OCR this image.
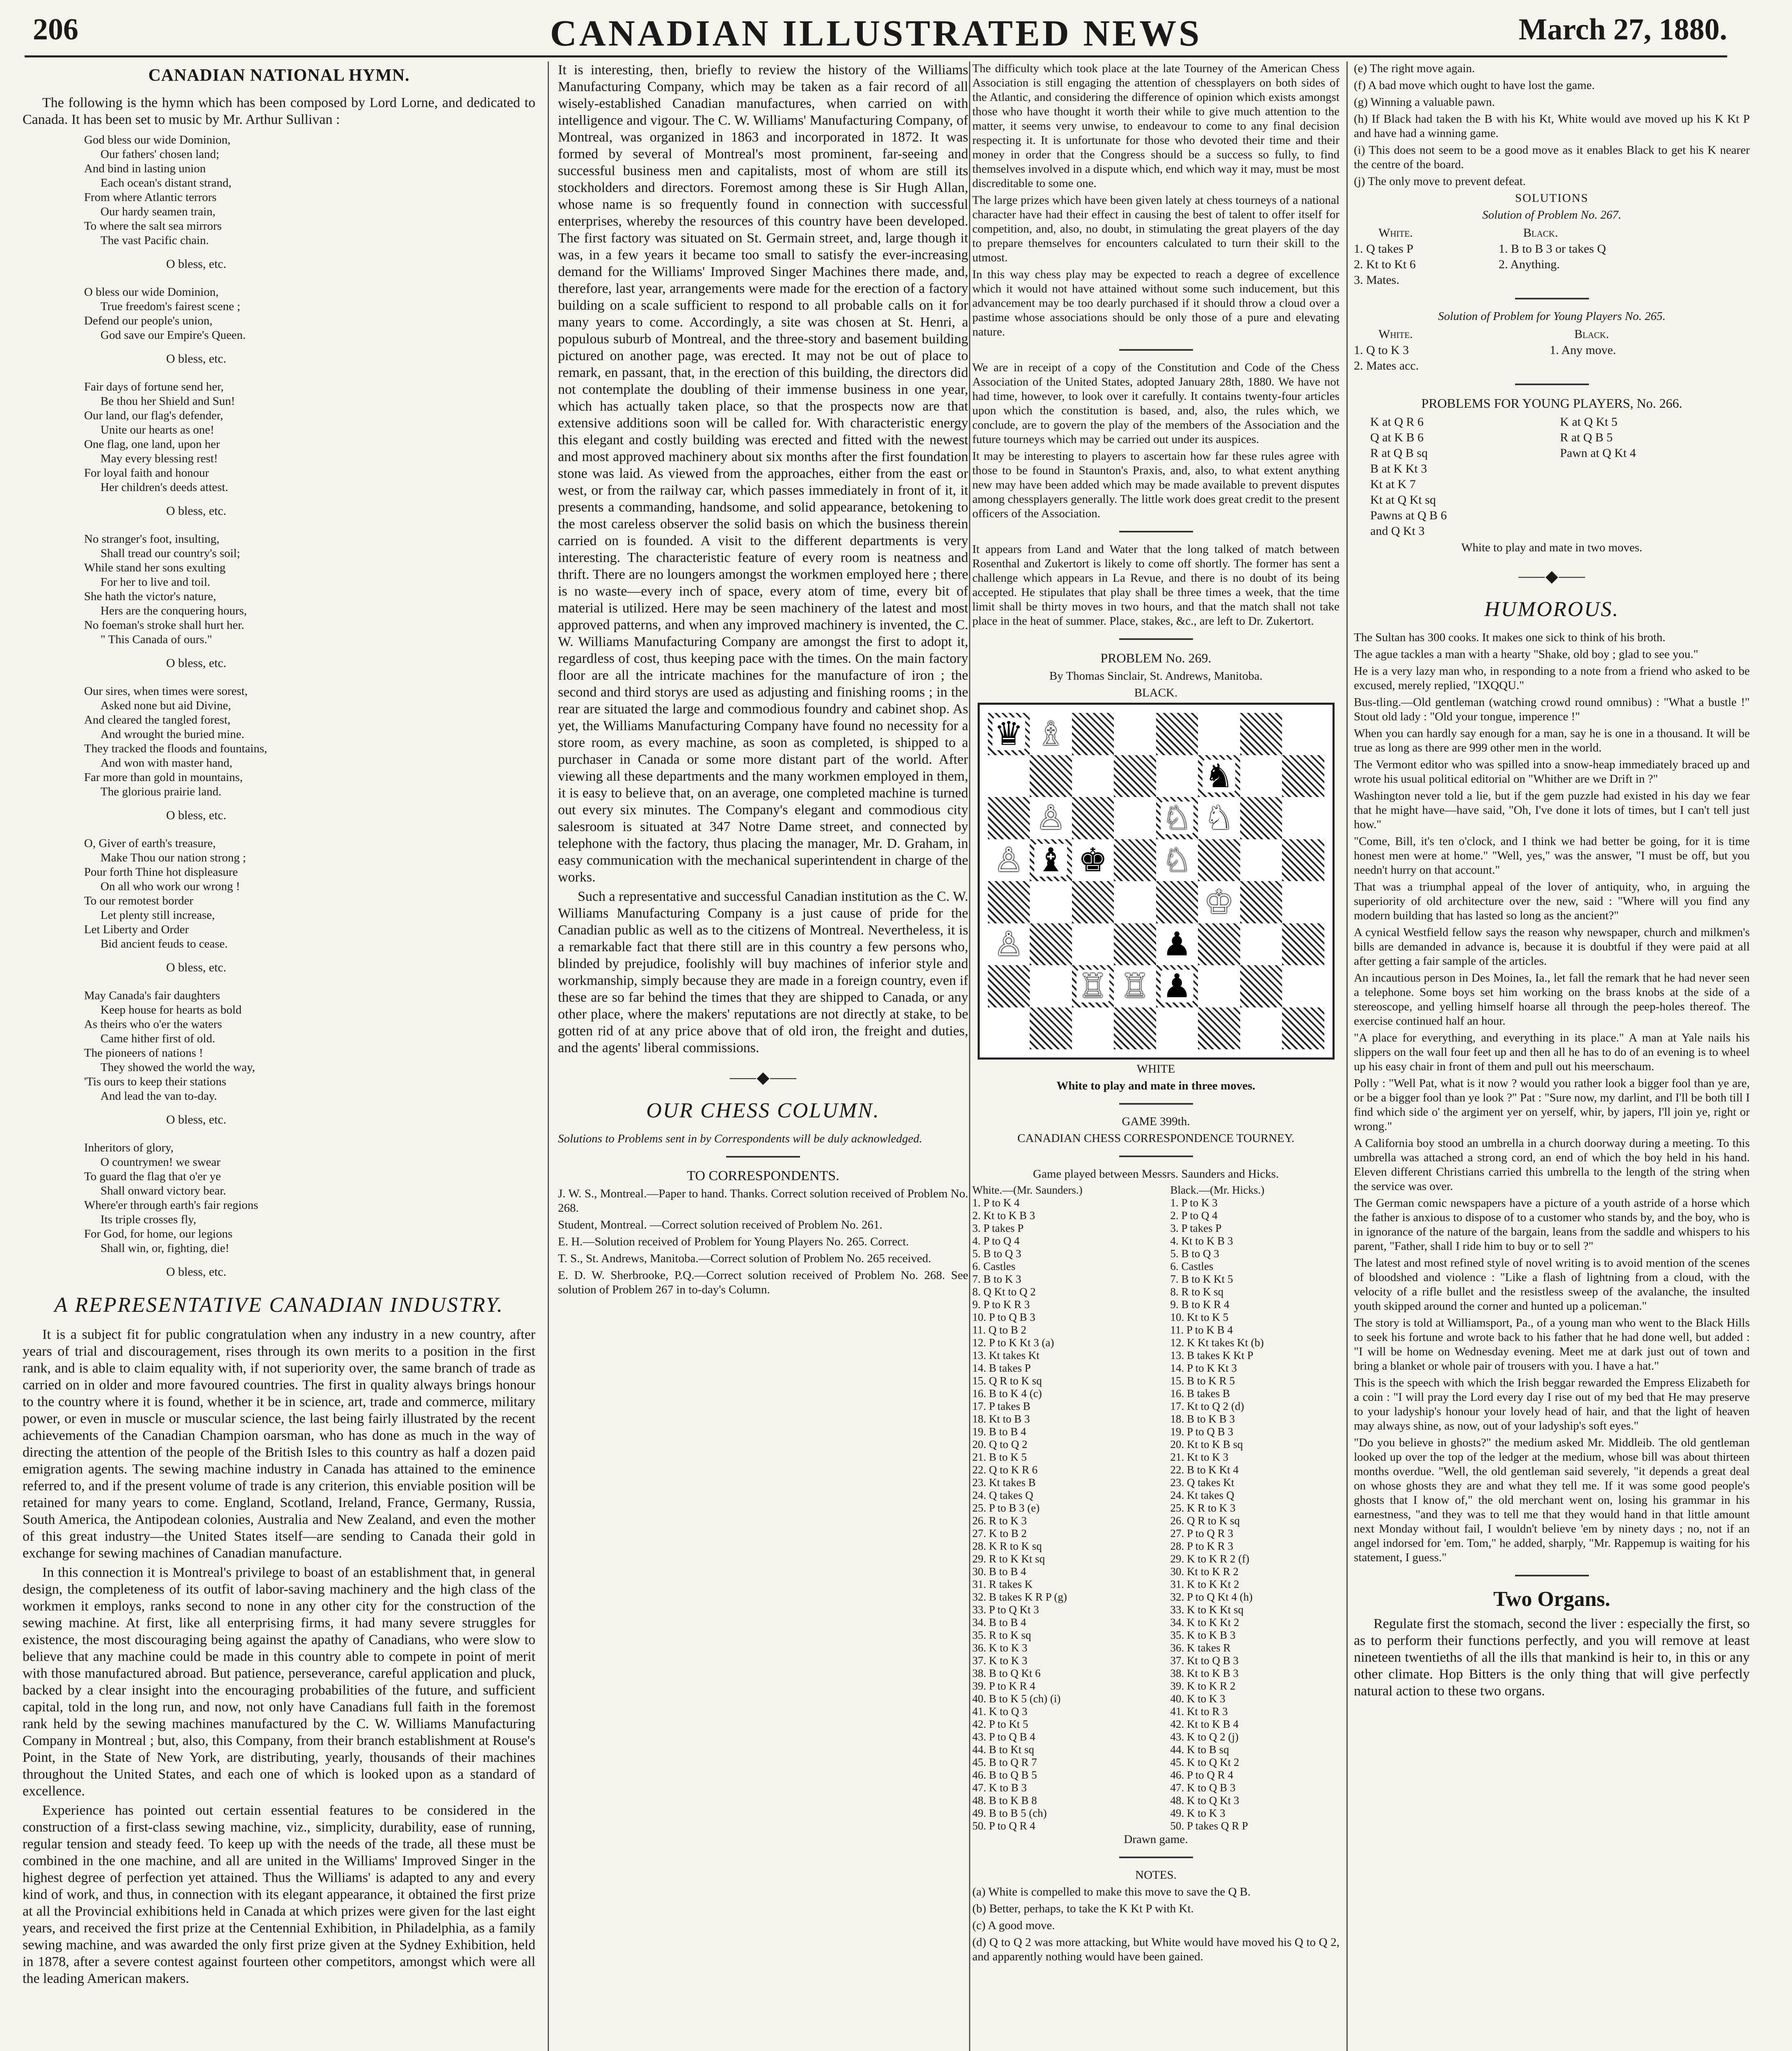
206	CANADIAN ILLUSTRATED NEWS	March 27, 1880.
CANADIAN NATIONAL HYMN.

The following is the hymn which has been composed by Lord Lorne, and dedicated to Canada. It has been set to music by Mr. Arthur Sullivan :

God bless our wide Dominion,
Our fathers' chosen land;
And bind in lasting union
Each ocean's distant strand,
From where Atlantic terrors
Our hardy seamen train,
To where the salt sea mirrors
The vast Pacific chain.
O bless, etc.
O bless our wide Dominion,
True freedom's fairest scene ;
Defend our people's union,
God save our Empire's Queen.
O bless, etc.
Fair days of fortune send her,
Be thou her Shield and Sun!
Our land, our flag's defender,
Unite our hearts as one!
One flag, one land, upon her
May every blessing rest!
For loyal faith and honour
Her children's deeds attest.
O bless, etc.
No stranger's foot, insulting,
Shall tread our country's soil;
While stand her sons exulting
For her to live and toil.
She hath the victor's nature,
Hers are the conquering hours,
No foeman's stroke shall hurt her.
" This Canada of ours."
O bless, etc.
Our sires, when times were sorest,
Asked none but aid Divine,
And cleared the tangled forest,
And wrought the buried mine.
They tracked the floods and fountains,
And won with master hand,
Far more than gold in mountains,
The glorious prairie land.
O bless, etc.
O, Giver of earth's treasure,
Make Thou our nation strong ;
Pour forth Thine hot displeasure
On all who work our wrong !
To our remotest border
Let plenty still increase,
Let Liberty and Order
Bid ancient feuds to cease.
O bless, etc.
May Canada's fair daughters
Keep house for hearts as bold
As theirs who o'er the waters
Came hither first of old.
The pioneers of nations !
They showed the world the way,
'Tis ours to keep their stations
And lead the van to-day.
O bless, etc.
Inheritors of glory,
O countrymen! we swear
To guard the flag that o'er ye
Shall onward victory bear.
Where'er through earth's fair regions
Its triple crosses fly,
For God, for home, our legions
Shall win, or, fighting, die!
O bless, etc.
A REPRESENTATIVE CANADIAN INDUSTRY.

It is a subject fit for public congratulation when any industry in a new country, after years of trial and discouragement, rises through its own merits to a position in the first rank, and is able to claim equality with, if not superiority over, the same branch of trade as carried on in older and more favoured countries. The first in quality always brings honour to the country where it is found, whether it be in science, art, trade and commerce, military power, or even in muscle or muscular science, the last being fairly illustrated by the recent achievements of the Canadian Champion oarsman, who has done as much in the way of directing the attention of the people of the British Isles to this country as half a dozen paid emigration agents. The sewing machine industry in Canada has attained to the eminence referred to, and if the present volume of trade is any criterion, this enviable position will be retained for many years to come. England, Scotland, Ireland, France, Germany, Russia, South America, the Antipodean colonies, Australia and New Zealand, and even the mother of this great industry—the United States itself—are sending to Canada their gold in exchange for sewing machines of Canadian manufacture.

In this connection it is Montreal's privilege to boast of an establishment that, in general design, the completeness of its outfit of labor-saving machinery and the high class of the workmen it employs, ranks second to none in any other city for the construction of the sewing machine. At first, like all enterprising firms, it had many severe struggles for existence, the most discouraging being against the apathy of Canadians, who were slow to believe that any machine could be made in this country able to compete in point of merit with those manufactured abroad. But patience, perseverance, careful application and pluck, backed by a clear insight into the encouraging probabilities of the future, and sufficient capital, told in the long run, and now, not only have Canadians full faith in the foremost rank held by the sewing machines manufactured by the C. W. Williams Manufacturing Company in Montreal ; but, also, this Company, from their branch establishment at Rouse's Point, in the State of New York, are distributing, yearly, thousands of their machines throughout the United States, and each one of which is looked upon as a standard of excellence.

Experience has pointed out certain essential features to be considered in the construction of a first-class sewing machine, viz., simplicity, durability, ease of running, regular tension and steady feed. To keep up with the needs of the trade, all these must be combined in the one machine, and all are united in the Williams' Improved Singer in the highest degree of perfection yet attained. Thus the Williams' is adapted to any and every kind of work, and thus, in connection with its elegant appearance, it obtained the first prize at all the Provincial exhibitions held in Canada at which prizes were given for the last eight years, and received the first prize at the Centennial Exhibition, in Philadelphia, as a family sewing machine, and was awarded the only first prize given at the Sydney Exhibition, held in 1878, after a severe contest against fourteen other competitors, amongst which were all the leading American makers.

It is interesting, then, briefly to review the history of the Williams Manufacturing Company, which may be taken as a fair record of all wisely-established Canadian manufactures, when carried on with intelligence and vigour. The C. W. Williams' Manufacturing Company, of Montreal, was organized in 1863 and incorporated in 1872. It was formed by several of Montreal's most prominent, far-seeing and successful business men and capitalists, most of whom are still its stockholders and directors. Foremost among these is Sir Hugh Allan, whose name is so frequently found in connection with successful enterprises, whereby the resources of this country have been developed. The first factory was situated on St. Germain street, and, large though it was, in a few years it became too small to satisfy the ever-increasing demand for the Williams' Improved Singer Machines there made, and, therefore, last year, arrangements were made for the erection of a factory building on a scale sufficient to respond to all probable calls on it for many years to come. Accordingly, a site was chosen at St. Henri, a populous suburb of Montreal, and the three-story and basement building pictured on another page, was erected. It may not be out of place to remark, en passant, that, in the erection of this building, the directors did not contemplate the doubling of their immense business in one year, which has actually taken place, so that the prospects now are that extensive additions soon will be called for. With characteristic energy this elegant and costly building was erected and fitted with the newest and most approved machinery about six months after the first foundation stone was laid. As viewed from the approaches, either from the east or west, or from the railway car, which passes immediately in front of it, it presents a commanding, handsome, and solid appearance, betokening to the most careless observer the solid basis on which the business therein carried on is founded. A visit to the different departments is very interesting. The characteristic feature of every room is neatness and thrift. There are no loungers amongst the workmen employed here ; there is no waste—every inch of space, every atom of time, every bit of material is utilized. Here may be seen machinery of the latest and most approved patterns, and when any improved machinery is invented, the C. W. Williams Manufacturing Company are amongst the first to adopt it, regardless of cost, thus keeping pace with the times. On the main factory floor are all the intricate machines for the manufacture of iron ; the second and third storys are used as adjusting and finishing rooms ; in the rear are situated the large and commodious foundry and cabinet shop. As yet, the Williams Manufacturing Company have found no necessity for a store room, as every machine, as soon as completed, is shipped to a purchaser in Canada or some more distant part of the world. After viewing all these departments and the many workmen employed in them, it is easy to believe that, on an average, one completed machine is turned out every six minutes. The Company's elegant and commodious city salesroom is situated at 347 Notre Dame street, and connected by telephone with the factory, thus placing the manager, Mr. D. Graham, in easy communication with the mechanical superintendent in charge of the works.

Such a representative and successful Canadian institution as the C. W. Williams Manufacturing Company is a just cause of pride for the Canadian public as well as to the citizens of Montreal. Nevertheless, it is a remarkable fact that there still are in this country a few persons who, blinded by prejudice, foolishly will buy machines of inferior style and workmanship, simply because they are made in a foreign country, even if these are so far behind the times that they are shipped to Canada, or any other place, where the makers' reputations are not directly at stake, to be gotten rid of at any price above that of old iron, the freight and duties, and the agents' liberal commissions.

⸺◆⸺
OUR CHESS COLUMN.

Solutions to Problems sent in by Correspondents will be duly acknowledged.

TO CORRESPONDENTS.

J. W. S., Montreal.—Paper to hand. Thanks. Correct solution received of Problem No. 268.

Student, Montreal. —Correct solution received of Problem No. 261.

E. H.—Solution received of Problem for Young Players No. 265. Correct.

T. S., St. Andrews, Manitoba.—Correct solution of Problem No. 265 received.

E. D. W. Sherbrooke, P.Q.—Correct solution received of Problem No. 268. See solution of Problem 267 in to-day's Column.

The difficulty which took place at the late Tourney of the American Chess Association is still engaging the attention of chessplayers on both sides of the Atlantic, and considering the difference of opinion which exists amongst those who have thought it worth their while to give much attention to the matter, it seems very unwise, to endeavour to come to any final decision respecting it. It is unfortunate for those who devoted their time and their money in order that the Congress should be a success so fully, to find themselves involved in a dispute which, end which way it may, must be most discreditable to some one.

The large prizes which have been given lately at chess tourneys of a national character have had their effect in causing the best of talent to offer itself for competition, and, also, no doubt, in stimulating the great players of the day to prepare themselves for encounters calculated to turn their skill to the utmost.

In this way chess play may be expected to reach a degree of excellence which it would not have attained without some such inducement, but this advancement may be too dearly purchased if it should throw a cloud over a pastime whose associations should be only those of a pure and elevating nature.

We are in receipt of a copy of the Constitution and Code of the Chess Association of the United States, adopted January 28th, 1880. We have not had time, however, to look over it carefully. It contains twenty-four articles upon which the constitution is based, and, also, the rules which, we conclude, are to govern the play of the members of the Association and the future tourneys which may be carried out under its auspices.

It may be interesting to players to ascertain how far these rules agree with those to be found in Staunton's Praxis, and, also, to what extent anything new may have been added which may be made available to prevent disputes among chessplayers generally. The little work does great credit to the present officers of the Association.

It appears from Land and Water that the long talked of match between Rosenthal and Zukertort is likely to come off shortly. The former has sent a challenge which appears in La Revue, and there is no doubt of its being accepted. He stipulates that play shall be three times a week, that the time limit shall be thirty moves in two hours, and that the match shall not take place in the heat of summer. Place, stakes, &c., are left to Dr. Zukertort.

PROBLEM No. 269.

By Thomas Sinclair, St. Andrews, Manitoba.

BLACK.

♛ ♗
♞
♙	♘ ♞
♙ ♝ ♚ ♘
♔
♙	♟
♖ ♖ ♟

WHITE

White to play and mate in three moves.

GAME 399th.

CANADIAN CHESS CORRESPONDENCE TOURNEY.

Game played between Messrs. Saunders and Hicks.

White.—(Mr. Saunders.)	Black.—(Mr. Hicks.)
1. P to K 4	1. P to K 3
2. Kt to K B 3	2. P to Q 4
3. P takes P	3. P takes P
4. P to Q 4	4. Kt to K B 3
5. B to Q 3	5. B to Q 3
6. Castles	6. Castles
7. B to K 3	7. B to K Kt 5
8. Q Kt to Q 2	8. R to K sq
9. P to K R 3	9. B to K R 4
10. P to Q B 3	10. Kt to K 5
11. Q to B 2	11. P to K B 4
12. P to K Kt 3 (a)	12. K Kt takes Kt (b)
13. Kt takes Kt	13. B takes K Kt P
14. B takes P	14. P to K Kt 3
15. Q R to K sq	15. B to K R 5
16. B to K 4 (c)	16. B takes B
17. P takes B	17. Kt to Q 2 (d)
18. Kt to B 3	18. B to K B 3
19. B to B 4	19. P to Q B 3
20. Q to Q 2	20. Kt to K B sq
21. B to K 5	21. Kt to K 3
22. Q to K R 6	22. B to K Kt 4
23. Kt takes B	23. Q takes Kt
24. Q takes Q	24. Kt takes Q
25. P to B 3 (e)	25. K R to K 3
26. R to K 3	26. Q R to K sq
27. K to B 2	27. P to Q R 3
28. K R to K sq	28. P to K R 3
29. R to K Kt sq	29. K to K R 2 (f)
30. B to B 4	30. Kt to K R 2
31. R takes K	31. K to K Kt 2
32. B takes K R P (g)	32. P to Q Kt 4 (h)
33. P to Q Kt 3	33. K to K Kt sq
34. B to B 4	34. K to K Kt 2
35. R to K sq	35. K to K B 3
36. K to K 3	36. K takes R
37. K to K 3	37. Kt to Q B 3
38. B to Q Kt 6	38. Kt to K B 3
39. P to K R 4	39. K to K R 2
40. B to K 5 (ch) (i)	40. K to K 3
41. K to Q 3	41. Kt to R 3
42. P to Kt 5	42. Kt to K B 4
43. P to Q B 4	43. K to Q 2 (j)
44. B to Kt sq	44. K to B sq
45. B to Q R 7	45. K to Q Kt 2
46. B to Q B 5	46. P to Q R 4
47. K to B 3	47. K to Q B 3
48. B to K B 8	48. K to Q Kt 3
49. B to B 5 (ch)	49. K to K 3
50. P to Q R 4	50. P takes Q R P

Drawn game.

NOTES.

(a) White is compelled to make this move to save the Q B.

(b) Better, perhaps, to take the K Kt P with Kt.

(c) A good move.

(d) Q to Q 2 was more attacking, but White would have moved his Q to Q 2, and apparently nothing would have been gained.

(e) The right move again.

(f) A bad move which ought to have lost the game.

(g) Winning a valuable pawn.

(h) If Black had taken the B with his Kt, White would ave moved up his K Kt P and have had a winning game.

(i) This does not seem to be a good move as it enables Black to get his K nearer the centre of the board.

(j) The only move to prevent defeat.

SOLUTIONS

Solution of Problem No. 267.

White.	Black.
1. Q takes P	1. B to B 3 or takes Q
2. Kt to Kt 6	2. Anything.
3. Mates.	

Solution of Problem for Young Players No. 265.

White.	Black.
1. Q to K 3	1. Any move.
2. Mates acc.	

PROBLEMS FOR YOUNG PLAYERS, No. 266.

K at Q R 6
Q at K B 6
R at Q B sq
B at K Kt 3
Kt at K 7
Kt at Q Kt sq
Pawns at Q B 6
and Q Kt 3
K at Q Kt 5
R at Q B 5
Pawn at Q Kt 4

White to play and mate in two moves.

⸺◆⸺
HUMOROUS.

The Sultan has 300 cooks. It makes one sick to think of his broth.

The ague tackles a man with a hearty "Shake, old boy ; glad to see you."

He is a very lazy man who, in responding to a note from a friend who asked to be excused, merely replied, "IXQQU."

Bus-tling.—Old gentleman (watching crowd round omnibus) : "What a bustle !" Stout old lady : "Old your tongue, imperence !"

When you can hardly say enough for a man, say he is one in a thousand. It will be true as long as there are 999 other men in the world.

The Vermont editor who was spilled into a snow-heap immediately braced up and wrote his usual political editorial on "Whither are we Drift in ?"

Washington never told a lie, but if the gem puzzle had existed in his day we fear that he might have—have said, "Oh, I've done it lots of times, but I can't tell just how."

"Come, Bill, it's ten o'clock, and I think we had better be going, for it is time honest men were at home." "Well, yes," was the answer, "I must be off, but you needn't hurry on that account."

That was a triumphal appeal of the lover of antiquity, who, in arguing the superiority of old architecture over the new, said : "Where will you find any modern building that has lasted so long as the ancient?"

A cynical Westfield fellow says the reason why newspaper, church and milkmen's bills are demanded in advance is, because it is doubtful if they were paid at all after getting a fair sample of the articles.

An incautious person in Des Moines, Ia., let fall the remark that he had never seen a telephone. Some boys set him working on the brass knobs at the side of a stereoscope, and yelling himself hoarse all through the peep-holes thereof. The exercise continued half an hour.

"A place for everything, and everything in its place." A man at Yale nails his slippers on the wall four feet up and then all he has to do of an evening is to wheel up his easy chair in front of them and pull out his meerschaum.

Polly : "Well Pat, what is it now ? would you rather look a bigger fool than ye are, or be a bigger fool than ye look ?" Pat : "Sure now, my darlint, and I'll be both till I find which side o' the argiment yer on yerself, whir, by japers, I'll join ye, right or wrong."

A California boy stood an umbrella in a church doorway during a meeting. To this umbrella was attached a strong cord, an end of which the boy held in his hand. Eleven different Christians carried this umbrella to the length of the string when the service was over.

The German comic newspapers have a picture of a youth astride of a horse which the father is anxious to dispose of to a customer who stands by, and the boy, who is in ignorance of the nature of the bargain, leans from the saddle and whispers to his parent, "Father, shall I ride him to buy or to sell ?"

The latest and most refined style of novel writing is to avoid mention of the scenes of bloodshed and violence : "Like a flash of lightning from a cloud, with the velocity of a rifle bullet and the resistless sweep of the avalanche, the insulted youth skipped around the corner and hunted up a policeman."

The story is told at Williamsport, Pa., of a young man who went to the Black Hills to seek his fortune and wrote back to his father that he had done well, but added : "I will be home on Wednesday evening. Meet me at dark just out of town and bring a blanket or whole pair of trousers with you. I have a hat."

This is the speech with which the Irish beggar rewarded the Empress Elizabeth for a coin : "I will pray the Lord every day I rise out of my bed that He may preserve to your ladyship's honour your lovely head of hair, and that the light of heaven may always shine, as now, out of your ladyship's soft eyes."

"Do you believe in ghosts?" the medium asked Mr. Middleib. The old gentleman looked up over the top of the ledger at the medium, whose bill was about thirteen months overdue. "Well, the old gentleman said severely, "it depends a great deal on whose ghosts they are and what they tell me. If it was some good people's ghosts that I know of," the old merchant went on, losing his grammar in his earnestness, "and they was to tell me that they would hand in that little amount next Monday without fail, I wouldn't believe 'em by ninety days ; no, not if an angel indorsed for 'em. Tom," he added, sharply, "Mr. Rappemup is waiting for his statement, I guess."

Two Organs.

Regulate first the stomach, second the liver : especially the first, so as to perform their functions perfectly, and you will remove at least nineteen twentieths of all the ills that mankind is heir to, in this or any other climate. Hop Bitters is the only thing that will give perfectly natural action to these two organs.
